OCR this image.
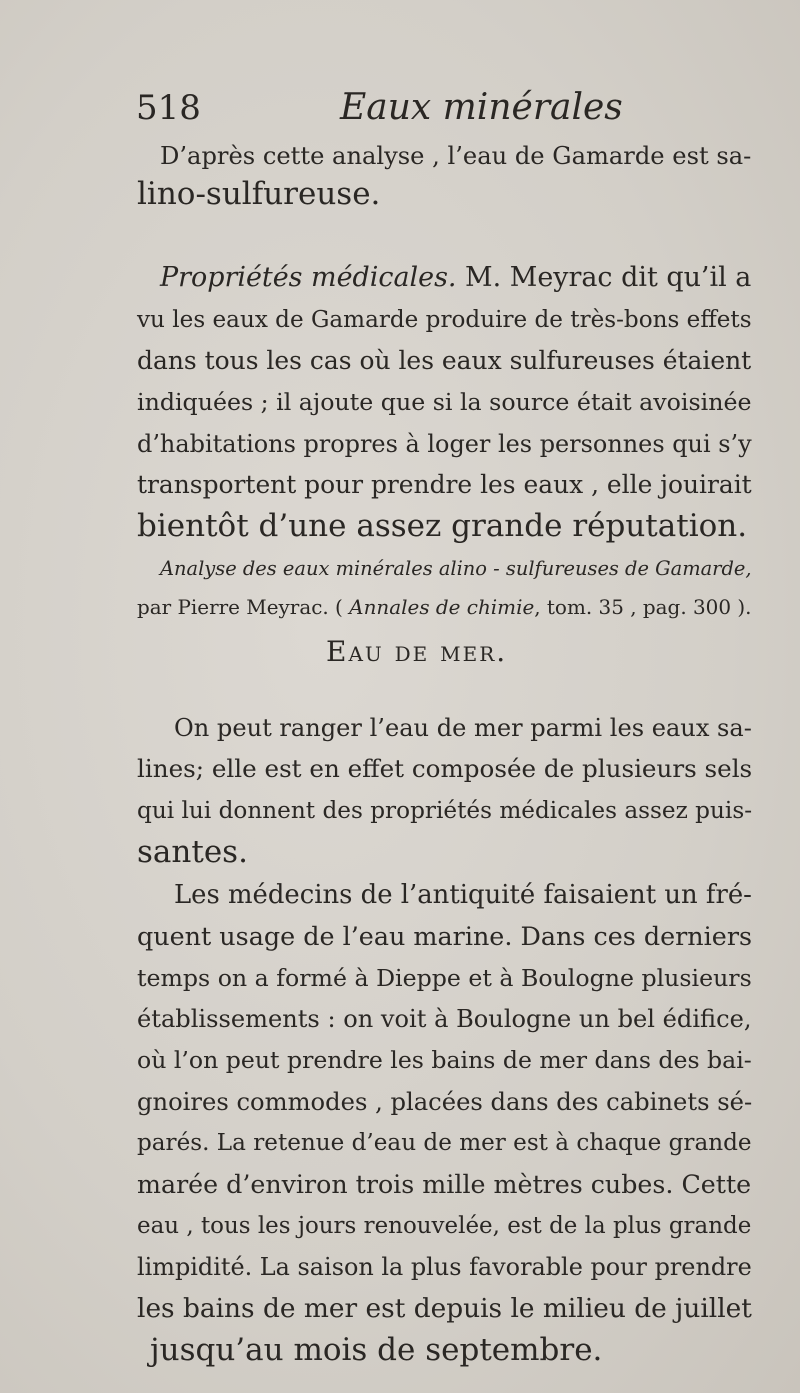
518	Eaux minérales
D’après cette analyse , l’eau de Gamarde est sa-
lino-sulfureuse.
Propriétés médicales. M. Meyrac dit qu’il a
vu les eaux de Gamarde produire de très-bons effets
dans tous les cas où les eaux sulfureuses étaient
indiquées ; il ajoute que si la source était avoisinée
d’habitations propres à loger les personnes qui s’y
transportent pour prendre les eaux , elle jouirait
bientôt d’une assez grande réputation.
Analyse des eaux minérales alino - sulfureuses de Gamarde,
par Pierre Meyrac. ( Annales de chimie, tom. 35 , pag. 300 ).
Eau de mer.
On peut ranger l’eau de mer parmi les eaux sa-
lines; elle est en effet composée de plusieurs sels
qui lui donnent des propriétés médicales assez puis-
santes.
Les médecins de l’antiquité faisaient un fré-
quent usage de l’eau marine. Dans ces derniers
temps on a formé à Dieppe et à Boulogne plusieurs
établissements : on voit à Boulogne un bel édifice,
où l’on peut prendre les bains de mer dans des bai-
gnoires commodes , placées dans des cabinets sé-
parés. La retenue d’eau de mer est à chaque grande
marée d’environ trois mille mètres cubes. Cette
eau , tous les jours renouvelée, est de la plus grande
limpidité. La saison la plus favorable pour prendre
les bains de mer est depuis le milieu de juillet
jusqu’au mois de septembre.
